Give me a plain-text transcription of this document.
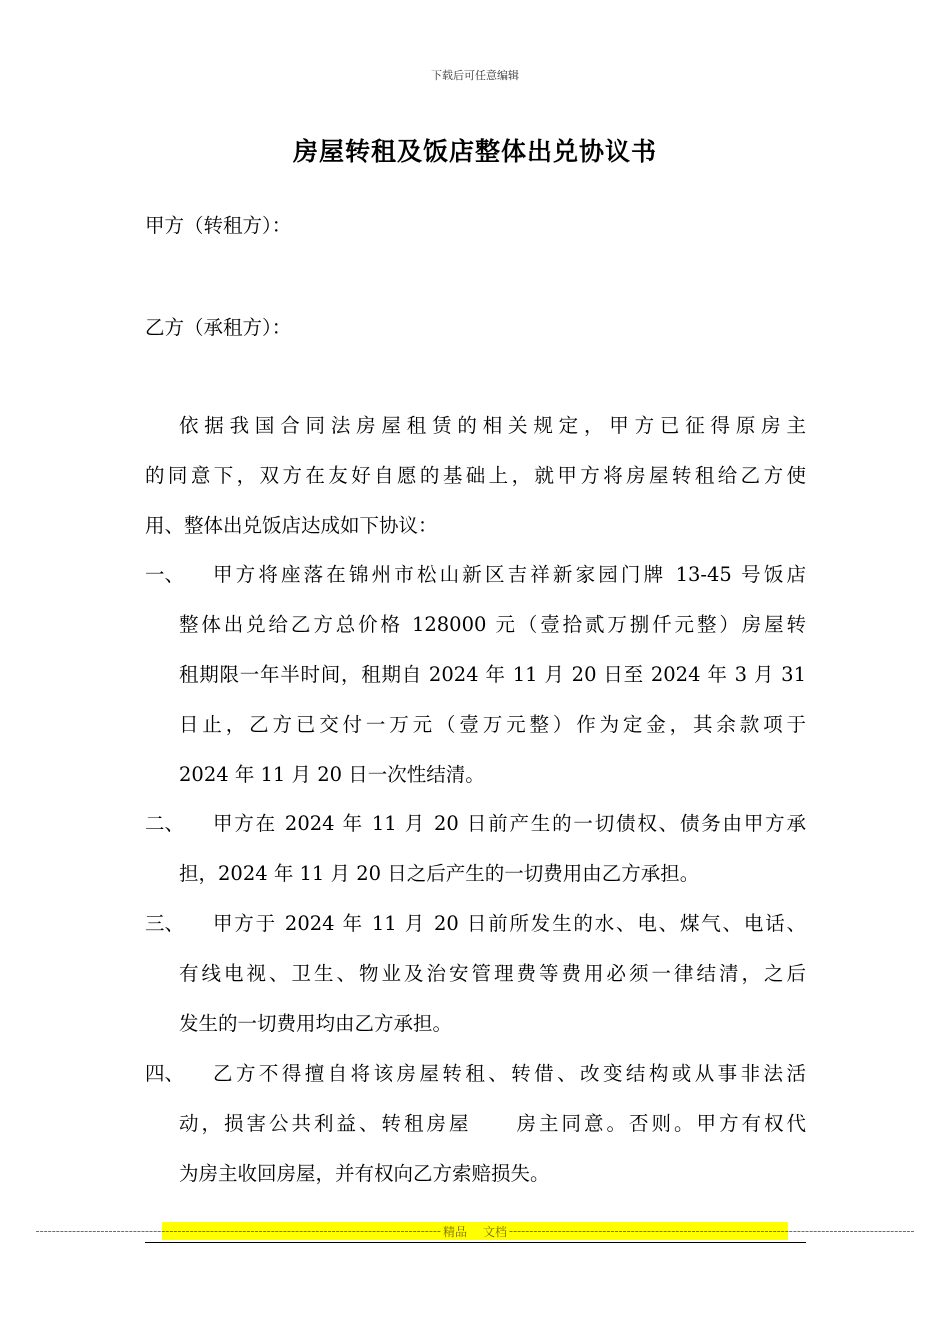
下载后可任意编辑
房屋转租及饭店整体出兑协议书
甲方（转租方）：
乙方（承租方）：
依据我国合同法房屋租赁的相关规定，甲方已征得原房主
的同意下，双方在友好自愿的基础上，就甲方将房屋转租给乙方使
用、整体出兑饭店达成如下协议：
一、 甲方将座落在锦州市松山新区吉祥新家园门牌 13-45 号饭店
整体出兑给乙方总价格 128000 元（壹拾贰万捌仟元整）房屋转
租期限一年半时间，租期自 2024 年 11 月 20 日至 2024 年 3 月 31
日止，乙方已交付一万元（壹万元整）作为定金，其余款项于
2024 年 11 月 20 日一次性结清。
二、 甲方在 2024 年 11 月 20 日前产生的一切债权、债务由甲方承
担，2024 年 11 月 20 日之后产生的一切费用由乙方承担。
三、 甲方于 2024 年 11 月 20 日前所发生的水、电、煤气、电话、
有线电视、卫生、物业及治安管理费等费用必须一律结清，之后
发生的一切费用均由乙方承担。
四、 乙方不得擅自将该房屋转租、转借、改变结构或从事非法活
动，损害公共利益、转租房屋　　房主同意。否则。甲方有权代
为房主收回房屋，并有权向乙方索赔损失。
---------------------------------------------------------------------------------------------------- 精品	文档 ----------------------------------------------------------------------------------------------------
